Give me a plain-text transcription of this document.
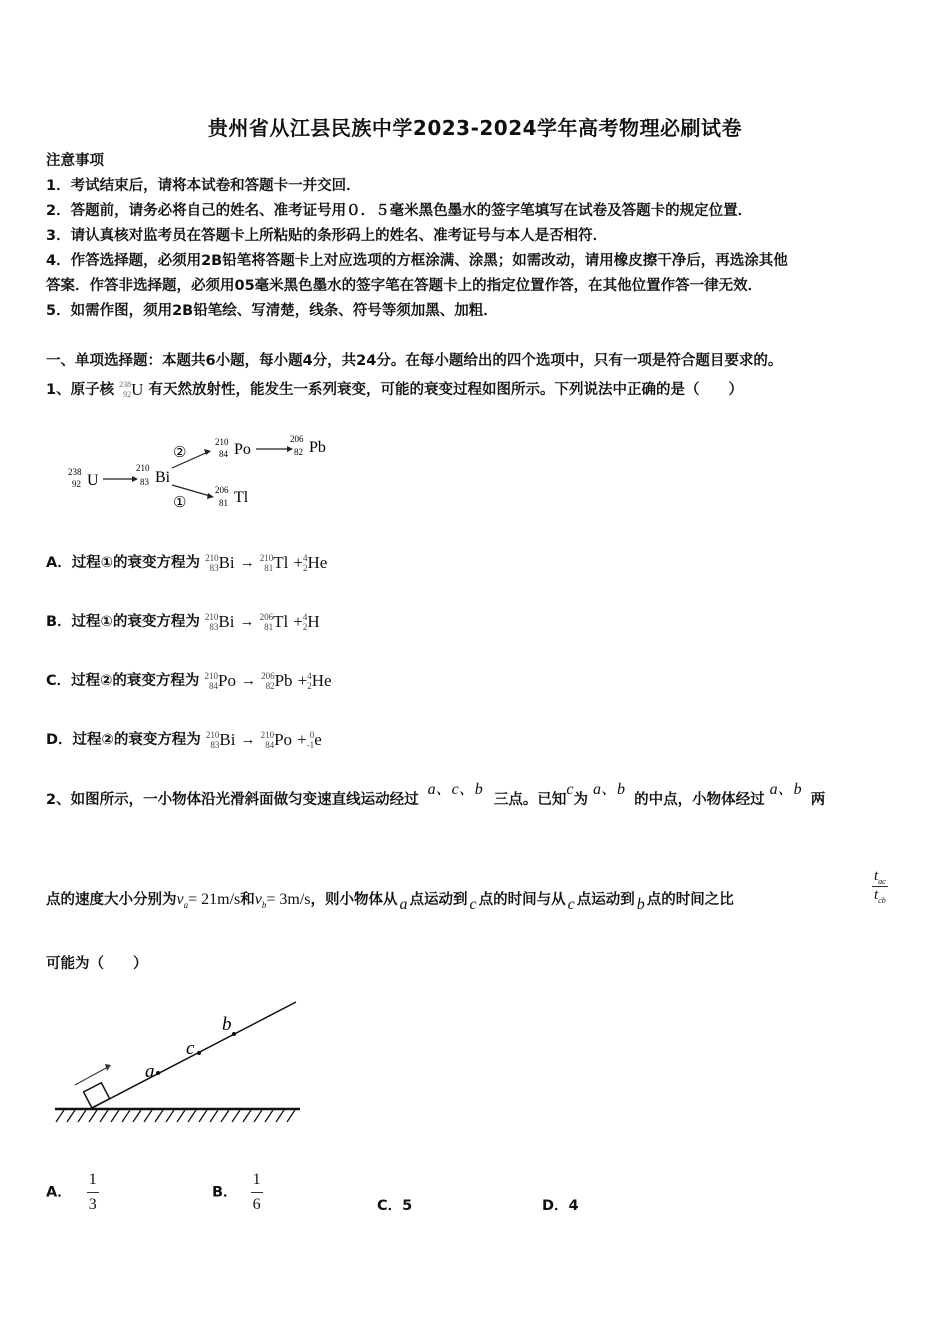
贵州省从江县民族中学2023-2024学年高考物理必刷试卷
注意事项
1．考试结束后，请将本试卷和答题卡一并交回．
2．答题前，请务必将自己的姓名、准考证号用０．５毫米黑色墨水的签字笔填写在试卷及答题卡的规定位置．
3．请认真核对监考员在答题卡上所粘贴的条形码上的姓名、准考证号与本人是否相符．
4．作答选择题，必须用2B铅笔将答题卡上对应选项的方框涂满、涂黑；如需改动，请用橡皮擦干净后，再选涂其他
答案．作答非选择题，必须用05毫米黑色墨水的签字笔在答题卡上的指定位置作答，在其他位置作答一律无效．
5．如需作图，须用2B铅笔绘、写清楚，线条、符号等须加黑、加粗．
一、单项选择题：本题共6小题，每小题4分，共24分。在每小题给出的四个选项中，只有一项是符合题目要求的。
1、原子核 238
92 U 有天然放射性，能发生一系列衰变，可能的衰变过程如图所示。下列说法中正确的是（　　）
238
92 U
210
83 Bi
②
①
210
84 Po
206
82 Pb
206
81 Tl
A．过程①的衰变方程为 210
83 Bi → 210
81 Tl + 4
2 He
B．过程①的衰变方程为 210
83 Bi → 206
81 Tl + 4
2 H
C．过程②的衰变方程为 210
84 Po → 206
82 Pb + 4
2 He
D．过程②的衰变方程为 210
83 Bi → 210
84 Po + 0
-1 e
2、如图所示，一小物体沿光滑斜面做匀变速直线运动经过 a、c、b 三点。已知c为 a、b 的中点，小物体经过 a、b 两
点的速度大小分别为$v_a= 21m/s$和$v_b= 3m/s$，则小物体从 a 点运动到 c 点的时间与从 c 点运动到 b 点的时间之比	$\frac{t_{ac}}{t_{cb}}$
可能为（　　）
a
c
b
A． $\frac{1}{3}$	B． $\frac{1}{6}$	C．5	D．4
